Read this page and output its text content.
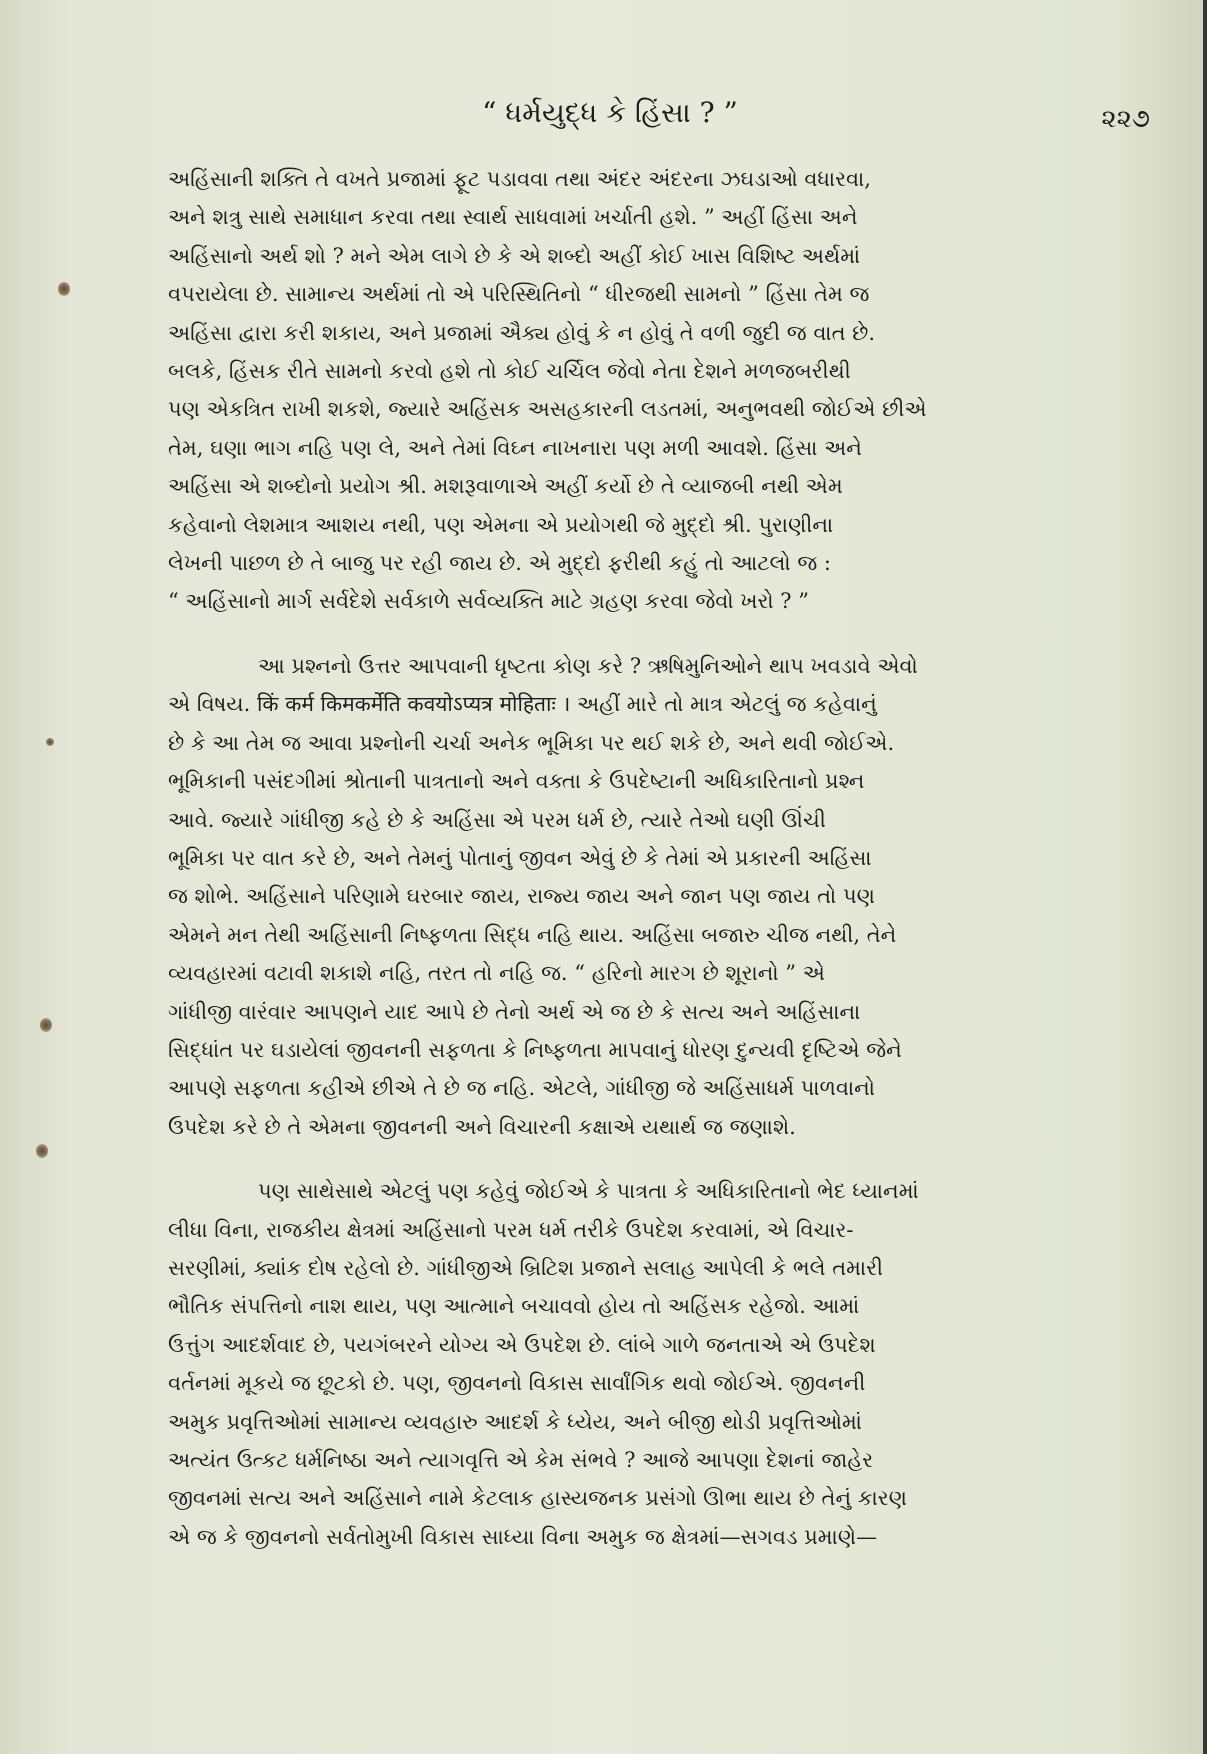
“ ધર્મયુદ્ધ કે હિંસા ? ”	૨૨૭

અહિંસાની શક્તિ તે વખતે પ્રજામાં ફૂટ પડાવવા તથા અંદર અંદરના ઝઘડાઓ વધારવા,

અને શત્રુ સાથે સમાધાન કરવા તથા સ્વાર્થ સાધવામાં ખર્ચાતી હશે. ” અહીં હિંસા અને

અહિંસાનો અર્થ શો ? મને એમ લાગે છે કે એ શબ્દો અહીં કોઈ ખાસ વિશિષ્ટ અર્થમાં

વપરાયેલા છે. સામાન્ય અર્થમાં તો એ પરિસ્થિતિનો “ ધીરજથી સામનો ” હિંસા તેમ જ

અહિંસા દ્વારા કરી શકાય, અને પ્રજામાં ઐક્ય હોવું કે ન હોવું તે વળી જુદી જ વાત છે.

બલકે, હિંસક રીતે સામનો કરવો હશે તો કોઈ ચર્ચિલ જેવો નેતા દેશને મળજબરીથી

પણ એકત્રિત રાખી શકશે, જ્યારે અહિંસક અસહકારની લડતમાં, અનુભવથી જોઈએ છીએ

તેમ, ઘણા ભાગ નહિ પણ લે, અને તેમાં વિઘ્ન નાખનારા પણ મળી આવશે. હિંસા અને

અહિંસા એ શબ્દોનો પ્રયોગ શ્રી. મશરૂવાળાએ અહીં કર્યો છે તે વ્યાજબી નથી એમ

કહેવાનો લેશમાત્ર આશય નથી, પણ એમના એ પ્રયોગથી જે મુદ્દો શ્રી. પુરાણીના

લેખની પાછળ છે તે બાજુ પર રહી જાય છે. એ મુદ્દો ફરીથી કહું તો આટલો જ :

“ અહિંસાનો માર્ગ સર્વદેશે સર્વકાળે સર્વવ્યક્તિ માટે ગ્રહણ કરવા જેવો ખરો ? ”

આ પ્રશ્નનો ઉત્તર આપવાની ધૃષ્ટતા કોણ કરે ? ઋષિમુનિઓને થાપ ખવડાવે એવો

એ વિષય. किं कर्म किमकर्मेति कवयोऽप्यत्र मोहिताः । અહીં મારે તો માત્ર એટલું જ કહેવાનું

છે કે આ તેમ જ આવા પ્રશ્નોની ચર્ચા અનેક ભૂમિકા પર થઈ શકે છે, અને થવી જોઈએ.

ભૂમિકાની પસંદગીમાં શ્રોતાની પાત્રતાનો અને વક્તા કે ઉપદેષ્ટાની અધિકારિતાનો પ્રશ્ન

આવે. જ્યારે ગાંધીજી કહે છે કે અહિંસા એ પરમ ધર્મ છે, ત્યારે તેઓ ઘણી ઊંચી

ભૂમિકા પર વાત કરે છે, અને તેમનું પોતાનું જીવન એવું છે કે તેમાં એ પ્રકારની અહિંસા

જ શોભે. અહિંસાને પરિણામે ઘરબાર જાય, રાજ્ય જાય અને જાન પણ જાય તો પણ

એમને મન તેથી અહિંસાની નિષ્ફળતા સિદ્ધ નહિ થાય. અહિંસા બજારુ ચીજ નથી, તેને

વ્યવહારમાં વટાવી શકાશે નહિ, તરત તો નહિ જ. “ હરિનો મારગ છે શૂરાનો ” એ

ગાંધીજી વારંવાર આપણને યાદ આપે છે તેનો અર્થ એ જ છે કે સત્ય અને અહિંસાના

સિદ્ધાંત પર ઘડાયેલાં જીવનની સફળતા કે નિષ્ફળતા માપવાનું ધોરણ દુન્યવી દૃષ્ટિએ જેને

આપણે સફળતા કહીએ છીએ તે છે જ નહિ. એટલે, ગાંધીજી જે અહિંસાધર્મ પાળવાનો

ઉપદેશ કરે છે તે એમના જીવનની અને વિચારની કક્ષાએ યથાર્થ જ જણાશે.

પણ સાથેસાથે એટલું પણ કહેવું જોઈએ કે પાત્રતા કે અધિકારિતાનો ભેદ ધ્યાનમાં

લીધા વિના, રાજકીય ક્ષેત્રમાં અહિંસાનો પરમ ધર્મ તરીકે ઉપદેશ કરવામાં, એ વિચાર-

સરણીમાં, ક્યાંક દોષ રહેલો છે. ગાંધીજીએ બ્રિટિશ પ્રજાને સલાહ આપેલી કે ભલે તમારી

ભૌતિક સંપત્તિનો નાશ થાય, પણ આત્માને બચાવવો હોય તો અહિંસક રહેજો. આમાં

ઉત્તુંગ આદર્શવાદ છે, પયગંબરને યોગ્ય એ ઉપદેશ છે. લાંબે ગાળે જનતાએ એ ઉપદેશ

વર્તનમાં મૂકયે જ છૂટકો છે. પણ, જીવનનો વિકાસ સાર્વાંગિક થવો જોઈએ. જીવનની

અમુક પ્રવૃત્તિઓમાં સામાન્ય વ્યવહારુ આદર્શ કે ધ્યેય, અને બીજી થોડી પ્રવૃત્તિઓમાં

અત્યંત ઉત્કટ ધર્મનિષ્ઠા અને ત્યાગવૃત્તિ એ કેમ સંભવે ? આજે આપણા દેશનાં જાહેર

જીવનમાં સત્ય અને અહિંસાને નામે કેટલાક હાસ્યજનક પ્રસંગો ઊભા થાય છે તેનું કારણ

એ જ કે જીવનનો સર્વતોમુખી વિકાસ સાધ્યા વિના અમુક જ ક્ષેત્રમાં—સગવડ પ્રમાણે—
